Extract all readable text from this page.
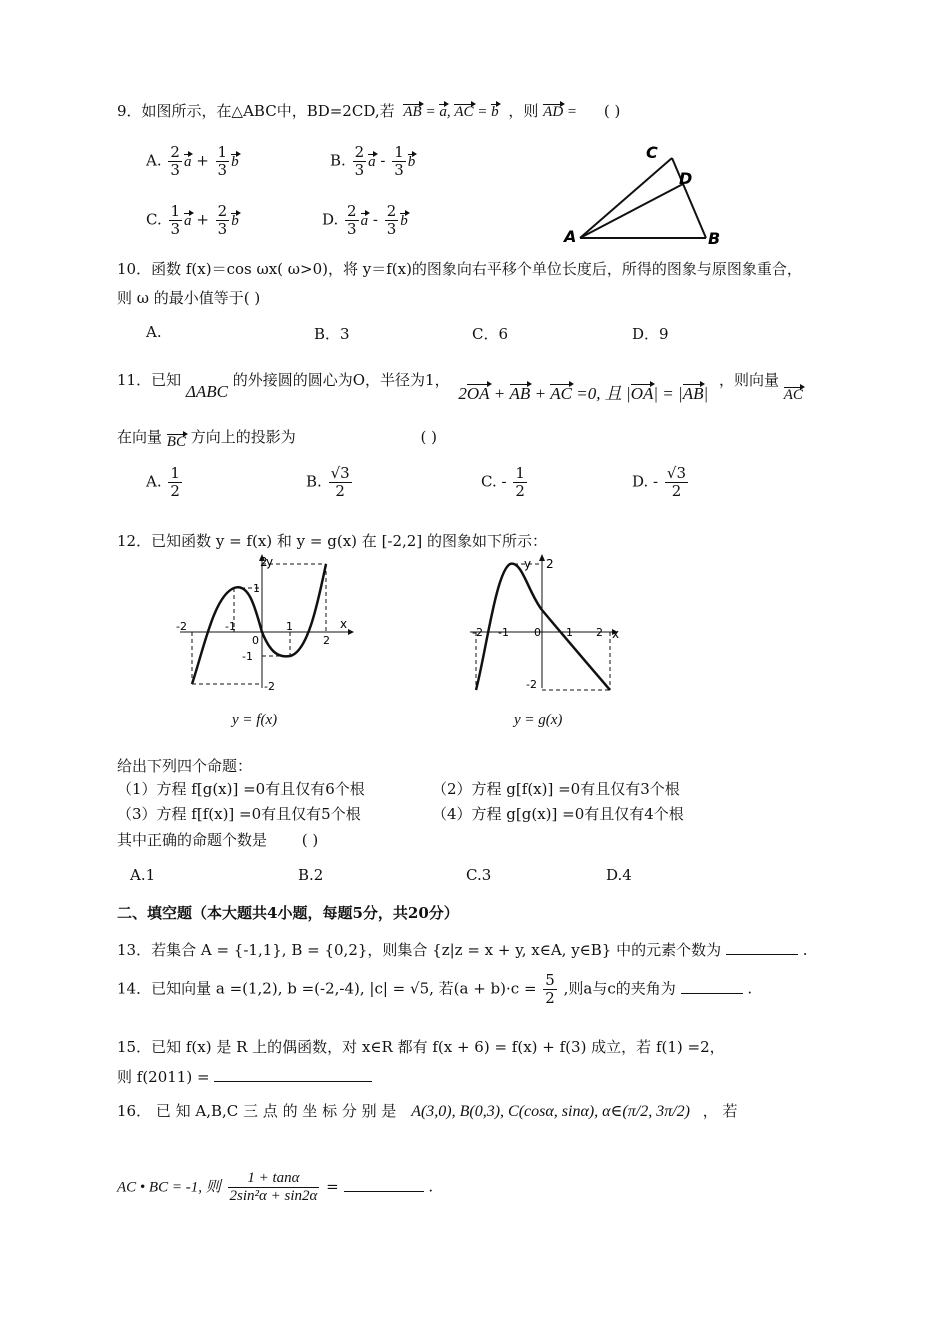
9．如图所示，在△ABC中，BD=2CD,若 AB = a, AC = b ，则 AD = ( )
A. $\frac{2}{3}$ $a + \frac{1}{3}$ b	B. $\frac{2}{3}$ a - $\frac{1}{3}$ b
C. $\frac{1}{3}$ $a + \frac{2}{3}$ b	D. $\frac{2}{3}$ a - $\frac{2}{3}$ b
A	B
C
D
10．函数 f(x)＝cos ωx( ω>0)，将 y＝f(x)的图象向右平移个单位长度后，所得的图象与原图象重合，
则 ω 的最小值等于( )
A.	B．3	C．6	D．9
11．已知 ΔABC 的外接圆的圆心为O，半径为1， 2OA + AB + AC =0, 且 |OA| = |AB| ，则向量 AC
在向量 BC 方向上的投影为	( )
A. $\frac{1}{2}$	B. $\frac{√3}{2}$	C. - $\frac{1}{2}$	D. - $\frac{√3}{2}$
12．已知函数 y = f(x) 和 y = g(x) 在 [-2,2] 的图象如下所示：
y
2
1
x
-2	-1
0
1
2
-1
-2
y = f(x)
y 2
x
-2 -1 0 1 2
-2
y = g(x)
给出下列四个命题：
（1）方程 f[g(x)] =0有且仅有6个根	（2）方程 g[f(x)] =0有且仅有3个根
（3）方程 f[f(x)] =0有且仅有5个根	（4）方程 g[g(x)] =0有且仅有4个根
其中正确的命题个数是 ( )
A.1	B.2	C.3	D.4
二、填空题（本大题共4小题，每题5分，共20分）
13．若集合 A = {-1,1}, B = {0,2}，则集合 {z|z = x + y, x∈A, y∈B} 中的元素个数为	.
14．已知向量 a =(1,2), b =(-2,-4), |c| = √5, 若$(a + b)\cdot c = \frac{5}{2}$ ,则a与c的夹角为	.
15．已知 f(x) 是 R 上的偶函数，对 x∈R 都有 f(x + 6) = f(x) + f(3) 成立，若 f(1) =2，
则 f(2011) =
16． 已 知 A,B,C 三 点 的 坐 标 分 别 是 A(3,0), B(0,3), C(cosα, sinα), α∈(π/2, 3π/2) ， 若
AC • BC = -1, 则 $\frac{1 + \tan\alpha}{\text{2sin²α + sin2α}}$ =	.
